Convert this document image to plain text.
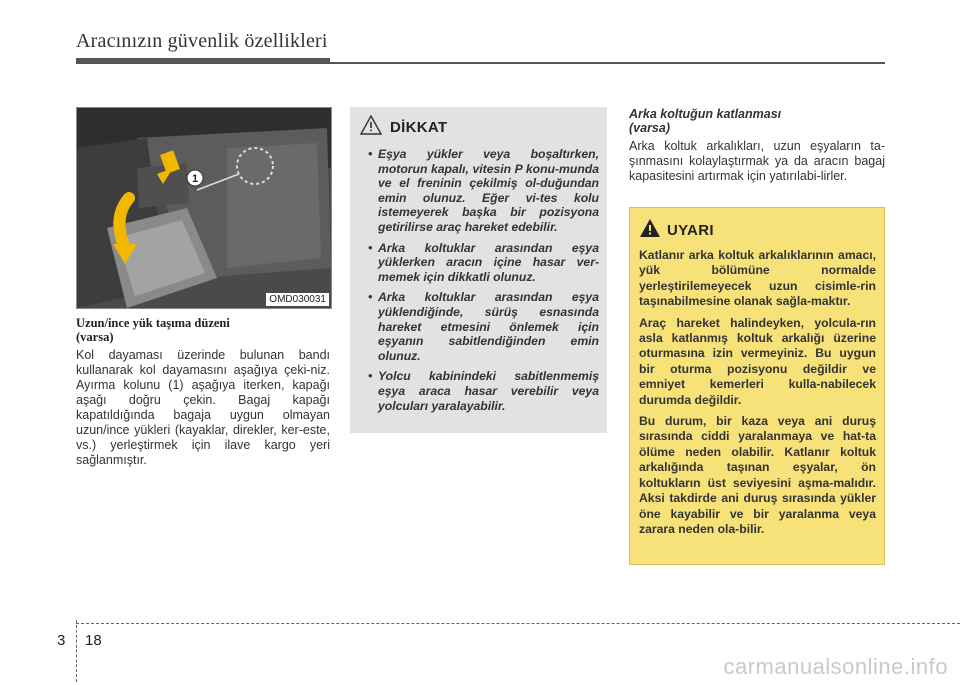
Aracınızın güvenlik özellikleri
1
OMD030031
Uzun/ince yük taşıma düzeni
(varsa)
Kol dayaması üzerinde bulunan bandı kullanarak kol dayamasını aşağıya çeki-niz. Ayırma kolunu (1) aşağıya iterken, kapağı aşağı doğru çekin. Bagaj kapağı kapatıldığında bagaja uygun olmayan uzun/ince yükleri (kayaklar, direkler, ker-este, vs.) yerleştirmek için ilave kargo yeri sağlanmıştır.
DİKKAT
• Eşya yükler veya boşaltırken, motorun kapalı, vitesin P konu-munda ve el freninin çekilmiş ol-duğundan emin olunuz. Eğer vi-tes kolu istemeyerek başka bir pozisyona getirilirse araç hareket edebilir.
• Arka koltuklar arasından eşya yüklerken aracın içine hasar ver-memek için dikkatli olunuz.
• Arka koltuklar arasından eşya yüklendiğinde, sürüş esnasında hareket etmesini önlemek için eşyanın sabitlendiğinden emin olunuz.
• Yolcu kabinindeki sabitlenmemiş eşya araca hasar verebilir veya yolcuları yaralayabilir.
Arka koltuğun katlanması
(varsa)
Arka koltuk arkalıkları, uzun eşyaların ta-şınmasını kolaylaştırmak ya da aracın bagaj kapasitesini artırmak için yatırılabi-lirler.
UYARI

Katlanır arka koltuk arkalıklarının amacı, yük bölümüne normalde yerleştirilemeyecek uzun cisimle-rin taşınabilmesine olanak sağla-maktır.

Araç hareket halindeyken, yolcula-rın asla katlanmış koltuk arkalığı üzerine oturmasına izin vermeyiniz. Bu uygun bir oturma pozisyonu değildir ve emniyet kemerleri kulla-nabilecek durumda değildir.

Bu durum, bir kaza veya ani duruş sırasında ciddi yaralanmaya ve hat-ta ölüme neden olabilir. Katlanır koltuk arkalığında taşınan eşyalar, ön koltukların üst seviyesini aşma-malıdır. Aksi takdirde ani duruş sırasında yükler öne kayabilir ve bir yaralanma veya zarara neden ola-bilir.

3 18
carmanualsonline.info
